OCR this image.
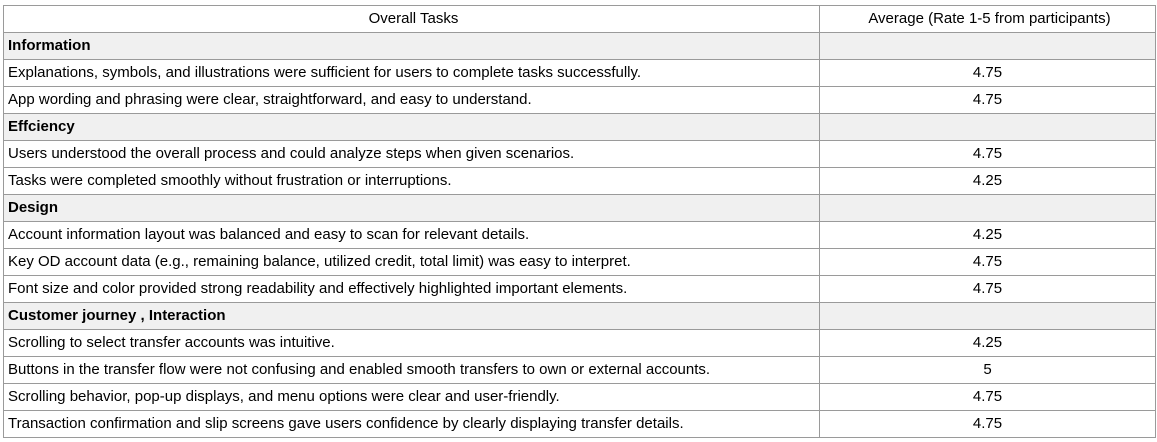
Overall Tasks	Average (Rate 1-5 from participants)
Information	
Explanations, symbols, and illustrations were sufficient for users to complete tasks successfully.	4.75
App wording and phrasing were clear, straightforward, and easy to understand.	4.75
Effciency	
Users understood the overall process and could analyze steps when given scenarios.	4.75
Tasks were completed smoothly without frustration or interruptions.	4.25
Design	
Account information layout was balanced and easy to scan for relevant details.	4.25
Key OD account data (e.g., remaining balance, utilized credit, total limit) was easy to interpret.	4.75
Font size and color provided strong readability and effectively highlighted important elements.	4.75
Customer journey , Interaction	
Scrolling to select transfer accounts was intuitive.	4.25
Buttons in the transfer flow were not confusing and enabled smooth transfers to own or external accounts.	5
Scrolling behavior, pop-up displays, and menu options were clear and user-friendly.	4.75
Transaction confirmation and slip screens gave users confidence by clearly displaying transfer details.	4.75
